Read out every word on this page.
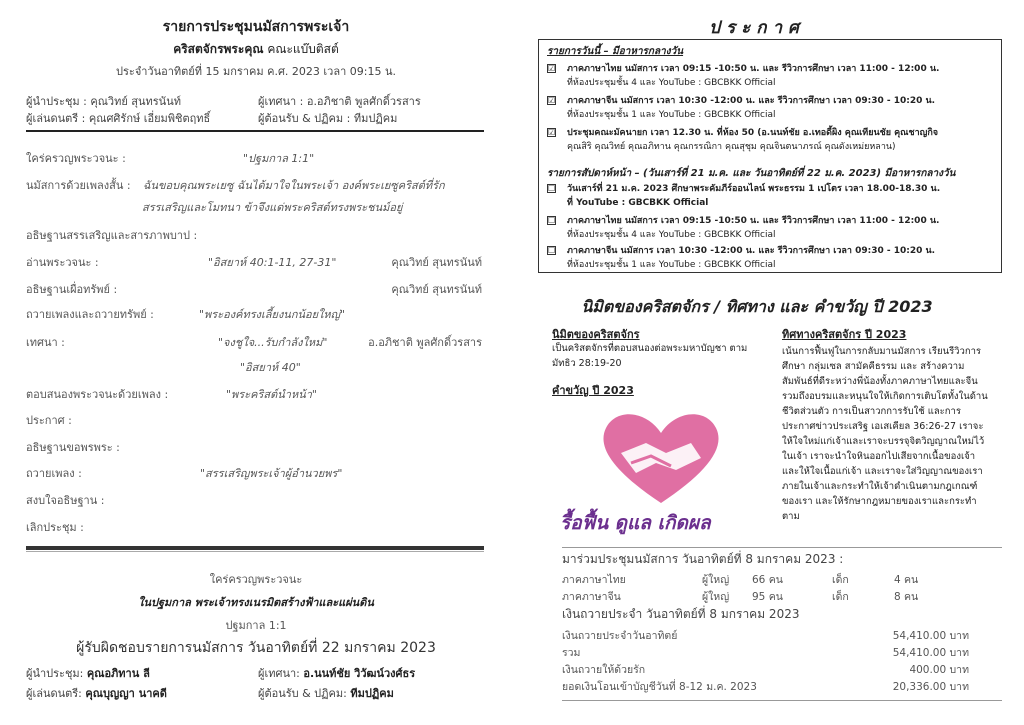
รายการประชุมนมัสการพระเจ้า
คริสตจักรพระคุณ คณะแบ๊บติสต์
ประจำวันอาทิตย์ที่ 15 มกราคม ค.ศ. 2023 เวลา 09:15 น.
ผู้นำประชุม : คุณวิทย์ สุนทรนันท์	ผู้เทศนา : อ.อภิชาติ พูลศักดิ์วรสาร
ผู้เล่นดนตรี : คุณศศิรักษ์ เอี่ยมพิชิตฤทธิ์	ผู้ต้อนรับ & ปฏิคม : ทีมปฏิคม
ใคร่ครวญพระวจนะ :	"ปฐมกาล 1:1"
นมัสการด้วยเพลงสั้น : ฉันขอบคุณพระเยซู ฉันได้มาใจในพระเจ้า องค์พระเยซูคริสต์ที่รัก
สรรเสริญและโมทนา ข้าจึงแด่พระคริสต์ทรงพระชนม์อยู่
อธิษฐานสรรเสริญและสารภาพบาป :
อ่านพระวจนะ :	"อิสยาห์ 40:1-11, 27-31"	คุณวิทย์ สุนทรนันท์
อธิษฐานเผื่อทรัพย์ :	คุณวิทย์ สุนทรนันท์
ถวายเพลงและถวายทรัพย์ :	"พระองค์ทรงเลี้ยงนกน้อยใหญ่"
เทศนา :	"จงชูใจ...รับกำลังใหม่"	อ.อภิชาติ พูลศักดิ์วรสาร
"อิสยาห์ 40"
ตอบสนองพระวจนะด้วยเพลง :	"พระคริสต์นำหน้า"
ประกาศ :
อธิษฐานขอพรพระ :
ถวายเพลง :	"สรรเสริญพระเจ้าผู้อำนวยพร"
สงบใจอธิษฐาน :
เลิกประชุม :
ใคร่ครวญพระวจนะ
ในปฐมกาล พระเจ้าทรงเนรมิตสร้างฟ้าและแผ่นดิน
ปฐมกาล 1:1
ผู้รับผิดชอบรายการนมัสการ วันอาทิตย์ที่ 22 มกราคม 2023
ผู้นำประชุม: คุณอภิทาน ลี	ผู้เทศนา: อ.นนท์ชัย วิวัฒน์วงศ์ธร
ผู้เล่นดนตรี: คุณบุญญา นาคดี	ผู้ต้อนรับ & ปฏิคม: ทีมปฏิคม
ประกาศ
รายการวันนี้ – มีอาหารกลางวัน
☑ ภาคภาษาไทย นมัสการ เวลา 09:15 -10:50 น. และ รีวิวการศึกษา เวลา 11:00 - 12:00 น.
ที่ห้องประชุมชั้น 4 และ YouTube : GBCBKK Official
☑ ภาคภาษาจีน นมัสการ เวลา 10:30 -12:00 น. และ รีวิวการศึกษา เวลา 09:30 - 10:20 น.
ที่ห้องประชุมชั้น 1 และ YouTube : GBCBKK Official
☑ ประชุมคณะมัคนายก เวลา 12.30 น. ที่ห้อง 50 (อ.นนท์ชัย อ.เทอดี้ผิง คุณเทียนชัย คุณชาญกิจ
คุณสิริ คุณวิทย์ คุณอภิทาน คุณกรรณิกา คุณสุชุม คุณจินตนาภรณ์ คุณดังเหม่ยหลาน)
รายการสัปดาห์หน้า – (วันเสาร์ที่ 21 ม.ค. และ วันอาทิตย์ที่ 22 ม.ค. 2023) มีอาหารกลางวัน
☐ วันเสาร์ที่ 21 ม.ค. 2023 ศึกษาพระคัมภีร์ออนไลน์ พระธรรม 1 เปโตร เวลา 18.00-18.30 น.
ที่ YouTube : GBCBKK Official
☐ ภาคภาษาไทย นมัสการ เวลา 09:15 -10:50 น. และ รีวิวการศึกษา เวลา 11:00 - 12:00 น.
ที่ห้องประชุมชั้น 4 และ YouTube : GBCBKK Official
☐ ภาคภาษาจีน นมัสการ เวลา 10:30 -12:00 น. และ รีวิวการศึกษา เวลา 09:30 - 10:20 น.
ที่ห้องประชุมชั้น 1 และ YouTube : GBCBKK Official
นิมิตของคริสตจักร / ทิศทาง และ คำขวัญ ปี 2023
นิมิตของคริสตจักร
เป็นคริสตจักรที่ตอบสนองต่อพระมหาบัญชา ตามมัทธิว 28:19-20
คำขวัญ ปี 2023
รื้อฟื้น ดูแล เกิดผล
ทิศทางคริสตจักร ปี 2023
เน้นการฟื้นฟูในการกลับมานมัสการ เรียนรีวิวการศึกษา กลุ่มเซล สามัคคีธรรม และ สร้างความสัมพันธ์ที่ดีระหว่างพี่น้องทั้งภาคภาษาไทยและจีน รวมถึงอบรมและหนุนใจให้เกิดการเติบโตทั้งในด้านชีวิตส่วนตัว การเป็นสาวกการรับใช้ และการประกาศข่าวประเสริฐ เอเสเคียล 36:26-27 เราจะให้ใจใหม่แก่เจ้าและเราจะบรรจุจิตวิญญาณใหม่ไว้ในเจ้า เราจะนำใจหินออกไปเสียจากเนื้อของเจ้า และให้ใจเนื้อแก่เจ้า และเราจะใส่วิญญาณของเราภายในเจ้าและกระทำให้เจ้าดำเนินตามกฎเกณฑ์ของเรา และให้รักษากฎหมายของเราและกระทำตาม
มาร่วมประชุมนมัสการ วันอาทิตย์ที่ 8 มกราคม 2023 :
ภาคภาษาไทย	ผู้ใหญ่ 66 คน	เด็ก	4 คน
ภาคภาษาจีน	ผู้ใหญ่ 95 คน	เด็ก	8 คน
เงินถวายประจำ วันอาทิตย์ที่ 8 มกราคม 2023
เงินถวายประจำวันอาทิตย์	54,410.00 บาท
รวม	54,410.00 บาท
เงินถวายให้ด้วยรัก	400.00 บาท
ยอดเงินโอนเข้าบัญชีวันที่ 8-12 ม.ค. 2023	20,336.00 บาท
